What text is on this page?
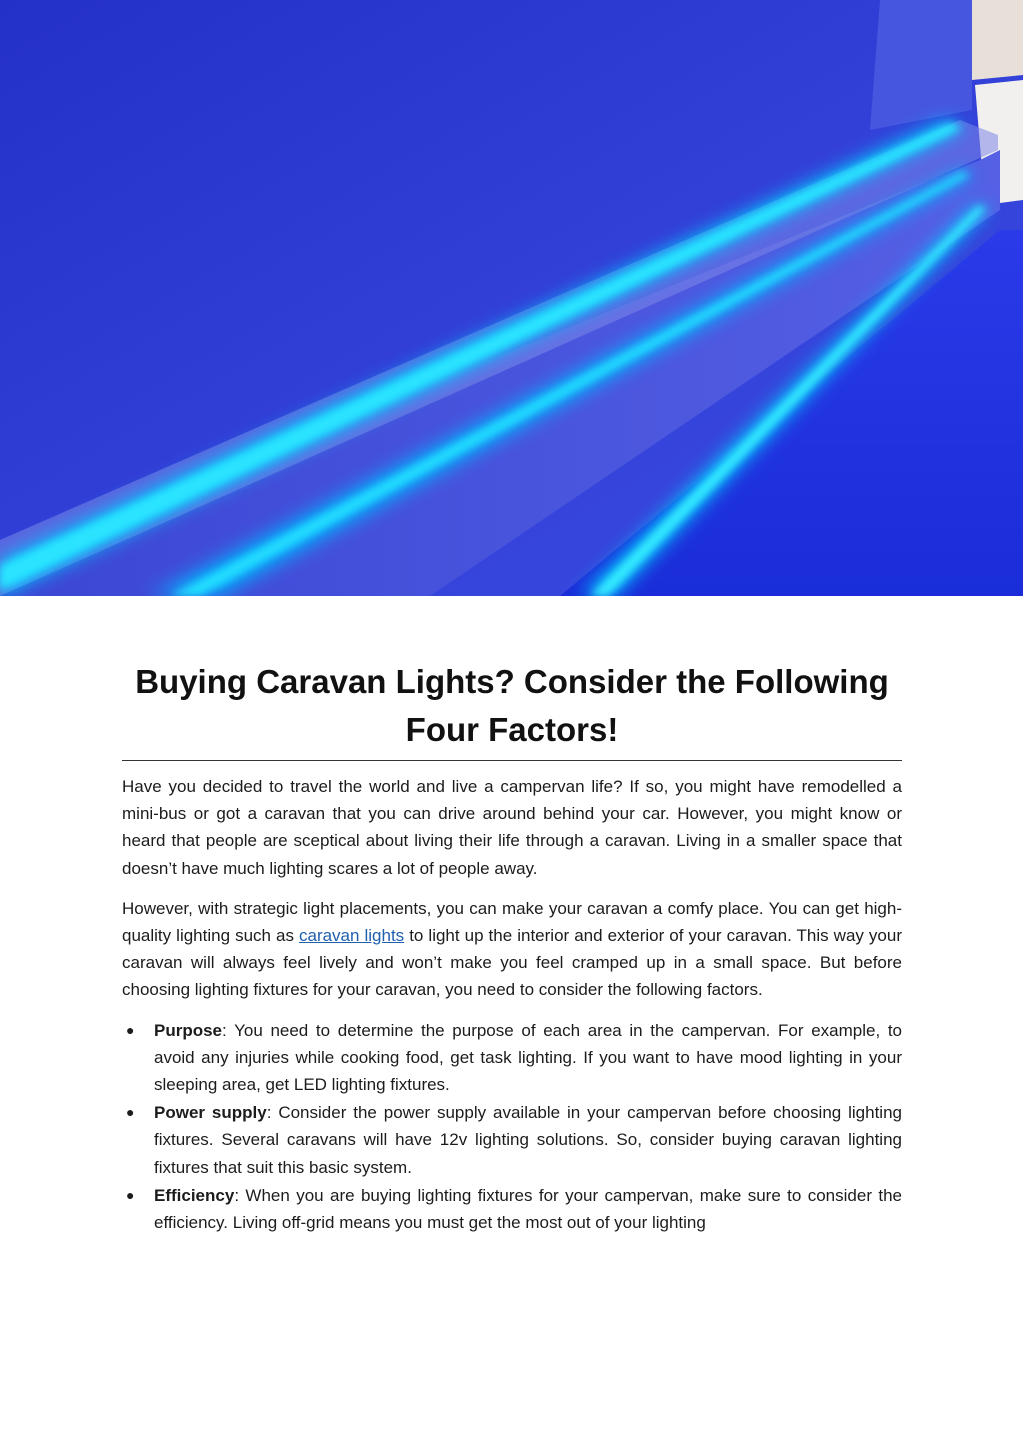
Buying Caravan Lights? Consider the Following Four Factors!

Have you decided to travel the world and live a campervan life? If so, you might have remodelled a mini-bus or got a caravan that you can drive around behind your car. However, you might know or heard that people are sceptical about living their life through a caravan. Living in a smaller space that doesn’t have much lighting scares a lot of people away.

However, with strategic light placements, you can make your caravan a comfy place. You can get high-quality lighting such as caravan lights to light up the interior and exterior of your caravan. This way your caravan will always feel lively and won’t make you feel cramped up in a small space. But before choosing lighting fixtures for your caravan, you need to consider the following factors.

● Purpose: You need to determine the purpose of each area in the campervan. For example, to avoid any injuries while cooking food, get task lighting. If you want to have mood lighting in your sleeping area, get LED lighting fixtures.
● Power supply: Consider the power supply available in your campervan before choosing lighting fixtures. Several caravans will have 12v lighting solutions. So, consider buying caravan lighting fixtures that suit this basic system.
● Efficiency: When you are buying lighting fixtures for your campervan, make sure to consider the efficiency. Living off-grid means you must get the most out of your lighting
